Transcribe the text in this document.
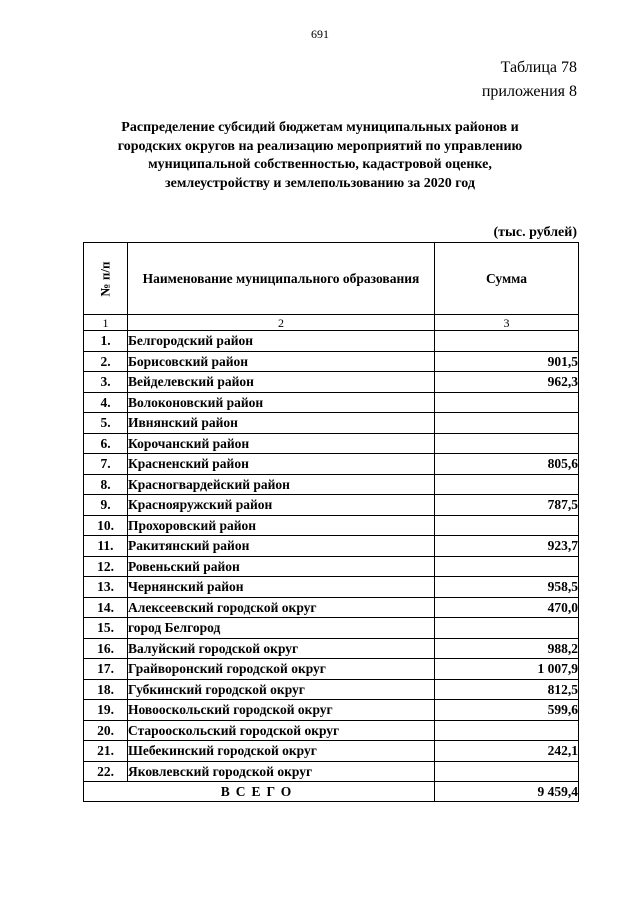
691
Таблица 78
приложения 8
Распределение субсидий бюджетам муниципальных районов и городских округов на реализацию мероприятий по управлению муниципальной собственностью, кадастровой оценке, землеустройству и землепользованию за 2020 год
(тыс. рублей)
№ п/п	Наименование муниципального образования	Сумма
1	2	3
1.	Белгородский район	
2.	Борисовский район	901,5
3.	Вейделевский район	962,3
4.	Волоконовский район	
5.	Ивнянский район	
6.	Корочанский район	
7.	Красненский район	805,6
8.	Красногвардейский район	
9.	Краснояружский район	787,5
10.	Прохоровский район	
11.	Ракитянский район	923,7
12.	Ровеньский район	
13.	Чернянский район	958,5
14.	Алексеевский городской округ	470,0
15.	город Белгород	
16.	Валуйский городской округ	988,2
17.	Грайворонский городской округ	1 007,9
18.	Губкинский городской округ	812,5
19.	Новооскольский городской округ	599,6
20.	Старооскольский городской округ	
21.	Шебекинский городской округ	242,1
22.	Яковлевский городской округ	
ВСЕГО		9 459,4
